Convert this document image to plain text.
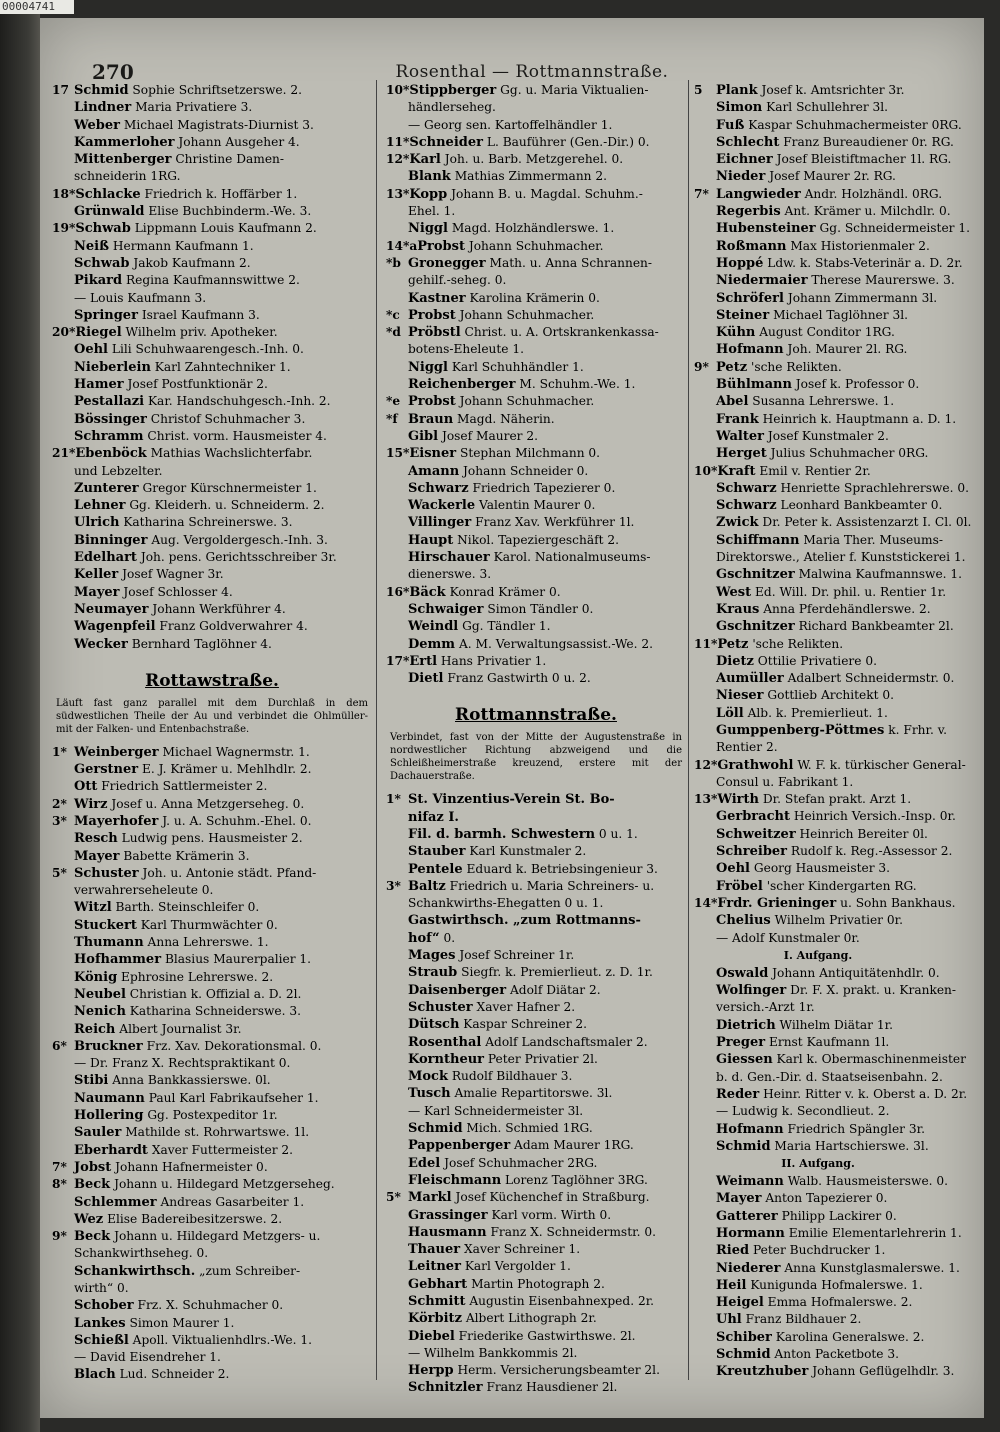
00004741
270	Rosenthal — Rottmannstraße.
17 Schmid Sophie Schriftsetzerswe. 2.
Lindner Maria Privatiere 3.
Weber Michael Magistrats-Diurnist 3.
Kammerloher Johann Ausgeher 4.
Mittenberger Christine Damen-
schneiderin 1RG.
18*Schlacke Friedrich k. Hoffärber 1.
Grünwald Elise Buchbinderm.-We. 3.
19*Schwab Lippmann Louis Kaufmann 2.
Neiß Hermann Kaufmann 1.
Schwab Jakob Kaufmann 2.
Pikard Regina Kaufmannswittwe 2.
— Louis Kaufmann 3.
Springer Israel Kaufmann 3.
20*Riegel Wilhelm priv. Apotheker.
Oehl Lili Schuhwaarengesch.-Inh. 0.
Nieberlein Karl Zahntechniker 1.
Hamer Josef Postfunktionär 2.
Pestallazi Kar. Handschuhgesch.-Inh. 2.
Bössinger Christof Schuhmacher 3.
Schramm Christ. vorm. Hausmeister 4.
21*Ebenböck Mathias Wachslichterfabr.
und Lebzelter.
Zunterer Gregor Kürschnermeister 1.
Lehner Gg. Kleiderh. u. Schneiderm. 2.
Ulrich Katharina Schreinerswe. 3.
Binninger Aug. Vergoldergesch.-Inh. 3.
Edelhart Joh. pens. Gerichtsschreiber 3r.
Keller Josef Wagner 3r.
Mayer Josef Schlosser 4.
Neumayer Johann Werkführer 4.
Wagenpfeil Franz Goldverwahrer 4.
Wecker Bernhard Taglöhner 4.
Rottawstraße.
Läuft fast ganz parallel mit dem Durchlaß in dem südwestlichen Theile der Au und verbindet die Ohlmüller- mit der Falken- und Entenbachstraße.
1* Weinberger Michael Wagnermstr. 1.
Gerstner E. J. Krämer u. Mehlhdlr. 2.
Ott Friedrich Sattlermeister 2.
2* Wirz Josef u. Anna Metzgerseheg. 0.
3* Mayerhofer J. u. A. Schuhm.-Ehel. 0.
Resch Ludwig pens. Hausmeister 2.
Mayer Babette Krämerin 3.
5* Schuster Joh. u. Antonie städt. Pfand-
verwahrerseheleute 0.
Witzl Barth. Steinschleifer 0.
Stuckert Karl Thurmwächter 0.
Thumann Anna Lehrerswe. 1.
Hofhammer Blasius Maurerpalier 1.
König Ephrosine Lehrerswe. 2.
Neubel Christian k. Offizial a. D. 2l.
Nenich Katharina Schneiderswe. 3.
Reich Albert Journalist 3r.
6* Bruckner Frz. Xav. Dekorationsmal. 0.
— Dr. Franz X. Rechtspraktikant 0.
Stibi Anna Bankkassierswe. 0l.
Naumann Paul Karl Fabrikaufseher 1.
Hollering Gg. Postexpeditor 1r.
Sauler Mathilde st. Rohrwartswe. 1l.
Eberhardt Xaver Futtermeister 2.
7* Jobst Johann Hafnermeister 0.
8* Beck Johann u. Hildegard Metzgerseheg.
Schlemmer Andreas Gasarbeiter 1.
Wez Elise Badereibesitzerswe. 2.
9* Beck Johann u. Hildegard Metzgers- u.
Schankwirthseheg. 0.
Schankwirthsch. „zum Schreiber-
wirth“ 0.
Schober Frz. X. Schuhmacher 0.
Lankes Simon Maurer 1.
Schießl Apoll. Viktualienhdlrs.-We. 1.
— David Eisendreher 1.
Blach Lud. Schneider 2.
10*Stippberger Gg. u. Maria Viktualien-
händlerseheg.
— Georg sen. Kartoffelhändler 1.
11*Schneider L. Bauführer (Gen.-Dir.) 0.
12*Karl Joh. u. Barb. Metzgerehel. 0.
Blank Mathias Zimmermann 2.
13*Kopp Johann B. u. Magdal. Schuhm.-
Ehel. 1.
Niggl Magd. Holzhändlerswe. 1.
14*aProbst Johann Schuhmacher.
*b Gronegger Math. u. Anna Schrannen-
gehilf.-seheg. 0.
Kastner Karolina Krämerin 0.
*c Probst Johann Schuhmacher.
*d Pröbstl Christ. u. A. Ortskrankenkassa-
botens-Eheleute 1.
Niggl Karl Schuhhändler 1.
Reichenberger M. Schuhm.-We. 1.
*e Probst Johann Schuhmacher.
*f Braun Magd. Näherin.
Gibl Josef Maurer 2.
15*Eisner Stephan Milchmann 0.
Amann Johann Schneider 0.
Schwarz Friedrich Tapezierer 0.
Wackerle Valentin Maurer 0.
Villinger Franz Xav. Werkführer 1l.
Haupt Nikol. Tapeziergeschäft 2.
Hirschauer Karol. Nationalmuseums-
dienerswe. 3.
16*Bäck Konrad Krämer 0.
Schwaiger Simon Tändler 0.
Weindl Gg. Tändler 1.
Demm A. M. Verwaltungsassist.-We. 2.
17*Ertl Hans Privatier 1.
Dietl Franz Gastwirth 0 u. 2.
Rottmannstraße.
Verbindet, fast von der Mitte der Augustenstraße in nordwestlicher Richtung abzweigend und die Schleißheimerstraße kreuzend, erstere mit der Dachauerstraße.
1* St. Vinzentius-Verein St. Bo-
nifaz I.
Fil. d. barmh. Schwestern 0 u. 1.
Stauber Karl Kunstmaler 2.
Pentele Eduard k. Betriebsingenieur 3.
3* Baltz Friedrich u. Maria Schreiners- u.
Schankwirths-Ehegatten 0 u. 1.
Gastwirthsch. „zum Rottmanns-
hof“ 0.
Mages Josef Schreiner 1r.
Straub Siegfr. k. Premierlieut. z. D. 1r.
Daisenberger Adolf Diätar 2.
Schuster Xaver Hafner 2.
Dütsch Kaspar Schreiner 2.
Rosenthal Adolf Landschaftsmaler 2.
Korntheur Peter Privatier 2l.
Mock Rudolf Bildhauer 3.
Tusch Amalie Repartitorswe. 3l.
— Karl Schneidermeister 3l.
Schmid Mich. Schmied 1RG.
Pappenberger Adam Maurer 1RG.
Edel Josef Schuhmacher 2RG.
Fleischmann Lorenz Taglöhner 3RG.
5* Markl Josef Küchenchef in Straßburg.
Grassinger Karl vorm. Wirth 0.
Hausmann Franz X. Schneidermstr. 0.
Thauer Xaver Schreiner 1.
Leitner Karl Vergolder 1.
Gebhart Martin Photograph 2.
Schmitt Augustin Eisenbahnexped. 2r.
Körbitz Albert Lithograph 2r.
Diebel Friederike Gastwirthswe. 2l.
— Wilhelm Bankkommis 2l.
Herpp Herm. Versicherungsbeamter 2l.
Schnitzler Franz Hausdiener 2l.
5 Plank Josef k. Amtsrichter 3r.
Simon Karl Schullehrer 3l.
Fuß Kaspar Schuhmachermeister 0RG.
Schlecht Franz Bureaudiener 0r. RG.
Eichner Josef Bleistiftmacher 1l. RG.
Nieder Josef Maurer 2r. RG.
7* Langwieder Andr. Holzhändl. 0RG.
Regerbis Ant. Krämer u. Milchdlr. 0.
Hubensteiner Gg. Schneidermeister 1.
Roßmann Max Historienmaler 2.
Hoppé Ldw. k. Stabs-Veterinär a. D. 2r.
Niedermaier Therese Maurerswe. 3.
Schröferl Johann Zimmermann 3l.
Steiner Michael Taglöhner 3l.
Kühn August Conditor 1RG.
Hofmann Joh. Maurer 2l. RG.
9* Petz 'sche Relikten.
Bühlmann Josef k. Professor 0.
Abel Susanna Lehrerswe. 1.
Frank Heinrich k. Hauptmann a. D. 1.
Walter Josef Kunstmaler 2.
Herget Julius Schuhmacher 0RG.
10*Kraft Emil v. Rentier 2r.
Schwarz Henriette Sprachlehrerswe. 0.
Schwarz Leonhard Bankbeamter 0.
Zwick Dr. Peter k. Assistenzarzt I. Cl. 0l.
Schiffmann Maria Ther. Museums-
Direktorswe., Atelier f. Kunststickerei 1.
Gschnitzer Malwina Kaufmannswe. 1.
West Ed. Will. Dr. phil. u. Rentier 1r.
Kraus Anna Pferdehändlerswe. 2.
Gschnitzer Richard Bankbeamter 2l.
11*Petz 'sche Relikten.
Dietz Ottilie Privatiere 0.
Aumüller Adalbert Schneidermstr. 0.
Nieser Gottlieb Architekt 0.
Löll Alb. k. Premierlieut. 1.
Gumppenberg-Pöttmes k. Frhr. v.
Rentier 2.
12*Grathwohl W. F. k. türkischer General-
Consul u. Fabrikant 1.
13*Wirth Dr. Stefan prakt. Arzt 1.
Gerbracht Heinrich Versich.-Insp. 0r.
Schweitzer Heinrich Bereiter 0l.
Schreiber Rudolf k. Reg.-Assessor 2.
Oehl Georg Hausmeister 3.
Fröbel 'scher Kindergarten RG.
14*Frdr. Grieninger u. Sohn Bankhaus.
Chelius Wilhelm Privatier 0r.
— Adolf Kunstmaler 0r.
I. Aufgang.
Oswald Johann Antiquitätenhdlr. 0.
Wolfinger Dr. F. X. prakt. u. Kranken-
versich.-Arzt 1r.
Dietrich Wilhelm Diätar 1r.
Preger Ernst Kaufmann 1l.
Giessen Karl k. Obermaschinenmeister
b. d. Gen.-Dir. d. Staatseisenbahn. 2.
Reder Heinr. Ritter v. k. Oberst a. D. 2r.
— Ludwig k. Secondlieut. 2.
Hofmann Friedrich Spängler 3r.
Schmid Maria Hartschierswe. 3l.
II. Aufgang.
Weimann Walb. Hausmeisterswe. 0.
Mayer Anton Tapezierer 0.
Gatterer Philipp Lackirer 0.
Hormann Emilie Elementarlehrerin 1.
Ried Peter Buchdrucker 1.
Niederer Anna Kunstglasmalerswe. 1.
Heil Kunigunda Hofmalerswe. 1.
Heigel Emma Hofmalerswe. 2.
Uhl Franz Bildhauer 2.
Schiber Karolina Generalswe. 2.
Schmid Anton Packetbote 3.
Kreutzhuber Johann Geflügelhdlr. 3.
